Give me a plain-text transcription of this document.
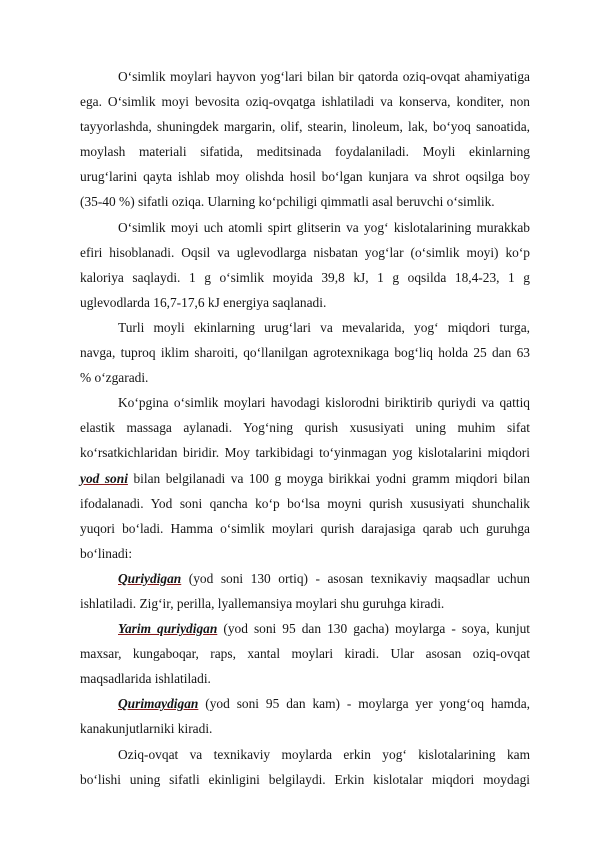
O‘simlik moylari hayvon yog‘lari bilan bir qatorda oziq-ovqat ahamiyatiga
ega. O‘simlik moyi bevosita oziq-ovqatga ishlatiladi va konserva, konditer, non
tayyorlashda, shuningdek margarin, olif, stearin, linoleum, lak, bo‘yoq sanoatida,
moylash materiali sifatida, meditsinada foydalaniladi. Moyli ekinlarning
urug‘larini qayta ishlab moy olishda hosil bo‘lgan kunjara va shrot oqsilga boy
(35-40 %) sifatli oziqa. Ularning ko‘pchiligi qimmatli asal beruvchi o‘simlik.
O‘simlik moyi uch atomli spirt glitserin va yog‘ kislotalarining murakkab
efiri hisoblanadi. Oqsil va uglevodlarga nisbatan yog‘lar (o‘simlik moyi) ko‘p
kaloriya saqlaydi. 1 g o‘simlik moyida 39,8 kJ, 1 g oqsilda 18,4-23, 1 g
uglevodlarda 16,7-17,6 kJ energiya saqlanadi.
Turli moyli ekinlarning urug‘lari va mevalarida, yog‘ miqdori turga,
navga, tuproq iklim sharoiti, qo‘llanilgan agrotexnikaga bog‘liq holda 25 dan 63
% o‘zgaradi.
Ko‘pgina o‘simlik moylari havodagi kislorodni biriktirib quriydi va qattiq
elastik massaga aylanadi. Yog‘ning qurish xususiyati uning muhim sifat
ko‘rsatkichlaridan biridir. Moy tarkibidagi to‘yinmagan yog kislotalarini miqdori
yod soni bilan belgilanadi va 100 g moyga birikkai yodni gramm miqdori bilan
ifodalanadi. Yod soni qancha ko‘p bo‘lsa moyni qurish xususiyati shunchalik
yuqori bo‘ladi. Hamma o‘simlik moylari qurish darajasiga qarab uch guruhga
bo‘linadi:
Quriydigan (yod soni 130 ortiq) - asosan texnikaviy maqsadlar uchun
ishlatiladi. Zig‘ir, perilla, lyallemansiya moylari shu guruhga kiradi.
Yarim quriydigan (yod soni 95 dan 130 gacha) moylarga - soya, kunjut
maxsar, kungaboqar, raps, xantal moylari kiradi. Ular asosan oziq-ovqat
maqsadlarida ishlatiladi.
Qurimaydigan (yod soni 95 dan kam) - moylarga yer yong‘oq hamda,
kanakunjutlarniki kiradi.
Oziq-ovqat va texnikaviy moylarda erkin yog‘ kislotalarining kam
bo‘lishi uning sifatli ekinligini belgilaydi. Erkin kislotalar miqdori moydagi
